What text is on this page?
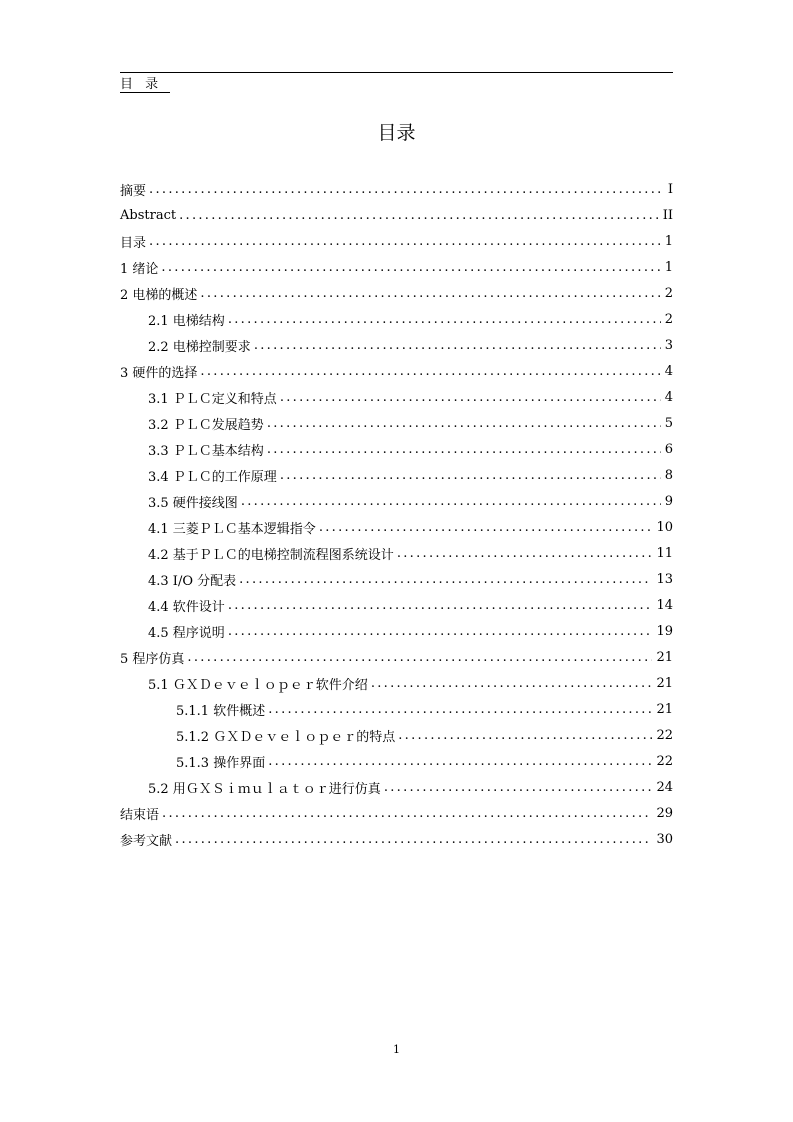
目 录
目录
摘要 .....	I
Abstract .....	II
目录 .....	1
1 绪论 .....	1
2 电梯的概述 .....	2
2.1 电梯结构 .....	2
2.2 电梯控制要求 .....	3
3 硬件的选择 .....	4
3.1 ＰＬＣ定义和特点 .....	4
3.2 ＰＬＣ发展趋势 .....	5
3.3 ＰＬＣ基本结构 .....	6
3.4 ＰＬＣ的工作原理 .....	8
3.5 硬件接线图 .....	9
4.1 三菱ＰＬＣ基本逻辑指令 .....	10
4.2 基于ＰＬＣ的电梯控制流程图系统设计 .....	11
4.3 I/O 分配表 .....	13
4.4 软件设计 .....	14
4.5 程序说明 .....	19
5 程序仿真 .....	21
5.1 ＧＸＤｅｖｅｌｏｐｅｒ软件介绍 .....	21
5.1.1 软件概述 .....	21
5.1.2 ＧＸＤｅｖｅｌｏｐｅｒ的特点 .....	22
5.1.3 操作界面 .....	22
5.2 用ＧＸＳｉｍｕｌａｔｏｒ进行仿真 .....	24
结束语 .....	29
参考文献 .....	30
1
